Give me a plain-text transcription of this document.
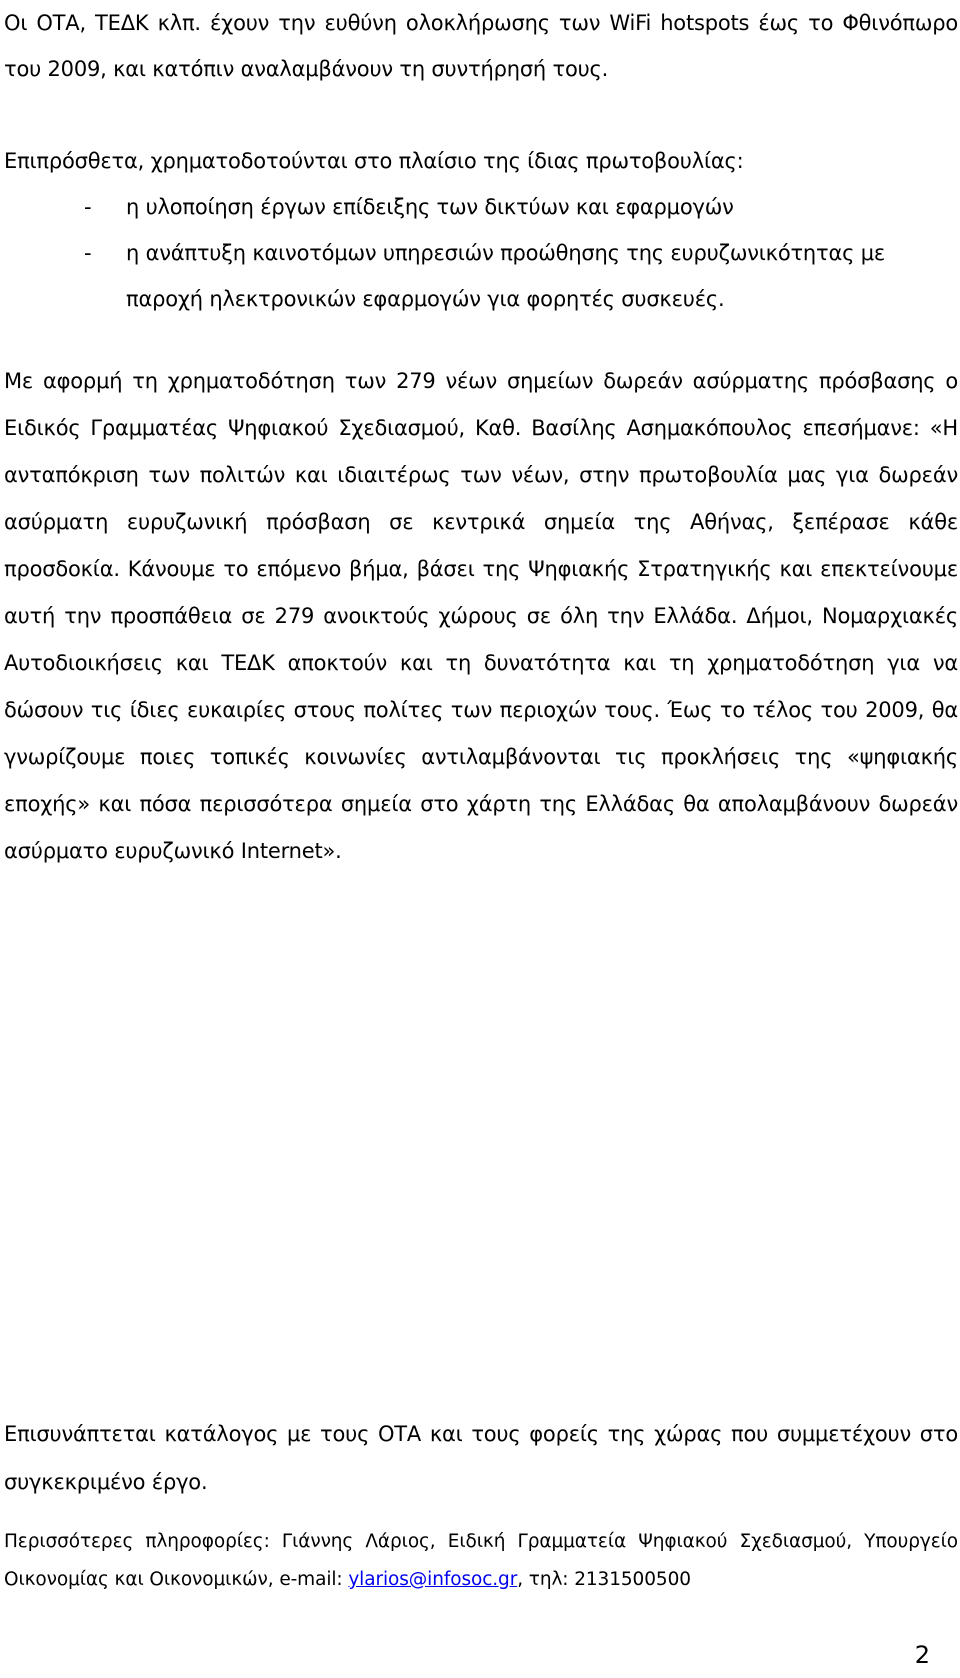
Οι ΟΤΑ, ΤΕΔΚ κλπ. έχουν την ευθύνη ολοκλήρωσης των WiFi hotspots έως το Φθινόπωρο του 2009, και κατόπιν αναλαμβάνουν τη συντήρησή τους.

Επιπρόσθετα, χρηματοδοτούνται στο πλαίσιο της ίδιας πρωτοβουλίας:

- η υλοποίηση έργων επίδειξης των δικτύων και εφαρμογών
- η ανάπτυξη καινοτόμων υπηρεσιών προώθησης της ευρυζωνικότητας με παροχή ηλεκτρονικών εφαρμογών για φορητές συσκευές.

Με αφορμή τη χρηματοδότηση των 279 νέων σημείων δωρεάν ασύρματης πρόσβασης ο Ειδικός Γραμματέας Ψηφιακού Σχεδιασμού, Καθ. Βασίλης Ασημακόπουλος επεσήμανε: «Η ανταπόκριση των πολιτών και ιδιαιτέρως των νέων, στην πρωτοβουλία μας για δωρεάν ασύρματη ευρυζωνική πρόσβαση σε κεντρικά σημεία της Αθήνας, ξεπέρασε κάθε προσδοκία. Κάνουμε το επόμενο βήμα, βάσει της Ψηφιακής Στρατηγικής και επεκτείνουμε αυτή την προσπάθεια σε 279 ανοικτούς χώρους σε όλη την Ελλάδα. Δήμοι, Νομαρχιακές Αυτοδιοικήσεις και ΤΕΔΚ αποκτούν και τη δυνατότητα και τη χρηματοδότηση για να δώσουν τις ίδιες ευκαιρίες στους πολίτες των περιοχών τους. Έως το τέλος του 2009, θα γνωρίζουμε ποιες τοπικές κοινωνίες αντιλαμβάνονται τις προκλήσεις της «ψηφιακής εποχής» και πόσα περισσότερα σημεία στο χάρτη της Ελλάδας θα απολαμβάνουν δωρεάν ασύρματο ευρυζωνικό Internet».

Επισυνάπτεται κατάλογος με τους ΟΤΑ και τους φορείς της χώρας που συμμετέχουν στο συγκεκριμένο έργο.

Περισσότερες πληροφορίες: Γιάννης Λάριος, Ειδική Γραμματεία Ψηφιακού Σχεδιασμού, Υπουργείο Οικονομίας και Οικονομικών, e-mail: ylarios@infosoc.gr, τηλ: 2131500500

2
